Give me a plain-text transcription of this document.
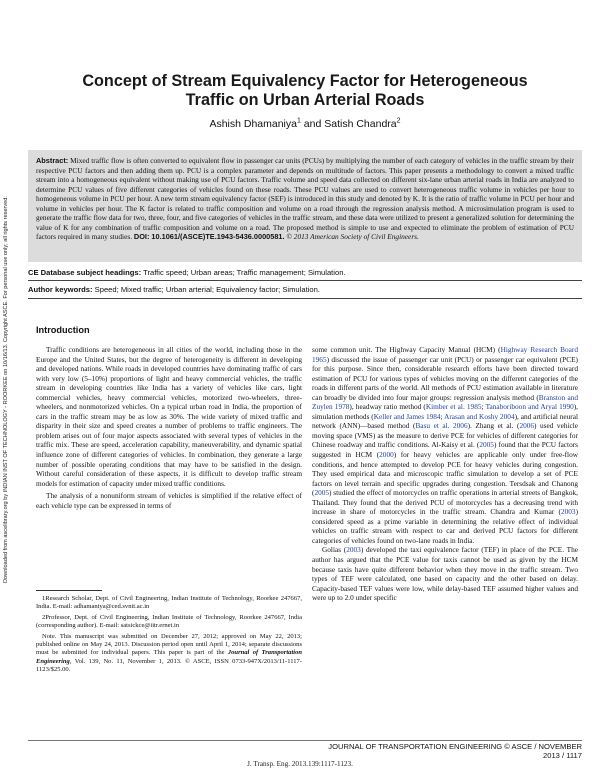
Downloaded from ascelibrary.org by INDIAN INST OF TECHNOLOGY - ROORKEE on 10/16/13. Copyright ASCE. For personal use only; all rights reserved.
Concept of Stream Equivalency Factor for Heterogeneous
Traffic on Urban Arterial Roads
Ashish Dhamaniya$^1$ and Satish Chandra$^2$
Abstract: Mixed traffic flow is often converted to equivalent flow in passenger car units (PCUs) by multiplying the number of each category of vehicles in the traffic stream by their respective PCU factors and then adding them up. PCU is a complex parameter and depends on multitude of factors. This paper presents a methodology to convert a mixed traffic stream into a homogeneous equivalent without making use of PCU factors. Traffic volume and speed data collected on different six-lane urban arterial roads in India are analyzed to determine PCU values of five different categories of vehicles found on these roads. These PCU values are used to convert heterogeneous traffic volume in vehicles per hour to homogeneous volume in PCU per hour. A new term stream equivalency factor (SEF) is introduced in this study and denoted by K. It is the ratio of traffic volume in PCU per hour and volume in vehicles per hour. The K factor is related to traffic composition and volume on a road through the regression analysis method. A microsimulation program is used to generate the traffic flow data for two, three, four, and five categories of vehicles in the traffic stream, and these data were utilized to present a generalized solution for determining the value of K for any combination of traffic composition and volume on a road. The proposed method is simple to use and expected to eliminate the problem of estimation of PCU factors required in many studies. DOI: 10.1061/(ASCE)TE.1943-5436.0000581. © 2013 American Society of Civil Engineers.
CE Database subject headings: Traffic speed; Urban areas; Traffic management; Simulation.
Author keywords: Speed; Mixed traffic; Urban arterial; Equivalency factor; Simulation.
Introduction

Traffic conditions are heterogeneous in all cities of the world, including those in the Europe and the United States, but the degree of heterogeneity is different in developing and developed nations. While roads in developed countries have dominating traffic of cars with very low (5–10%) proportions of light and heavy commercial vehicles, the traffic stream in developing countries like India has a variety of vehicles like cars, light commercial vehicles, heavy commercial vehicles, motorized two-wheelers, three-wheelers, and nonmotorized vehicles. On a typical urban road in India, the proportion of cars in the traffic stream may be as low as 30%. The wide variety of mixed traffic and disparity in their size and speed creates a number of problems to traffic engineers. The problem arises out of four major aspects associated with several types of vehicles in the traffic mix. These are speed, acceleration capability, maneuverability, and dynamic spatial influence zone of different categories of vehicles. In combination, they generate a large number of possible operating conditions that may have to be satisfied in the design. Without careful consideration of these aspects, it is difficult to develop traffic stream models for estimation of capacity under mixed traffic conditions.

The analysis of a nonuniform stream of vehicles is simplified if the relative effect of each vehicle type can be expressed in terms of

1Research Scholar, Dept. of Civil Engineering, Indian Institute of Technology, Roorkee 247667, India. E-mail: adhamaniya@ced.svnit.ac.in

2Professor, Dept. of Civil Engineering, Indian Institute of Technology, Roorkee 247667, India (corresponding author). E-mail: satsickce@iitr.ernet.in

Note. This manuscript was submitted on December 27, 2012; approved on May 22, 2013; published online on May 24, 2013. Discussion period open until April 1, 2014; separate discussions must be submitted for individual papers. This paper is part of the Journal of Transportation Engineering, Vol. 139, No. 11, November 1, 2013. © ASCE, ISSN 0733-947X/2013/11-1117-1123/$25.00.

some common unit. The Highway Capacity Manual (HCM) (Highway Research Board 1965) discussed the issue of passenger car unit (PCU) or passenger car equivalent (PCE) for this purpose. Since then, considerable research efforts have been directed toward estimation of PCU for various types of vehicles moving on the different categories of the roads in different parts of the world. All methods of PCU estimation available in literature can broadly be divided into four major groups: regression analysis method (Branston and Zuylen 1978), headway ratio method (Kimber et al. 1985; Tanaboriboon and Aryal 1990), simulation methods (Keller and James 1984; Arasan and Koshy 2004), and artificial neural network (ANN)—based method (Basu et al. 2006). Zhang et al. (2006) used vehicle moving space (VMS) as the measure to derive PCE for vehicles of different categories for Chinese roadway and traffic conditions. Al-Kaisy et al. (2005) found that the PCU factors suggested in HCM (2000) for heavy vehicles are applicable only under free-flow conditions, and hence attempted to develop PCE for heavy vehicles during congestion. They used empirical data and microscopic traffic simulation to develop a set of PCE factors on level terrain and specific upgrades during congestion. Tersdsak and Chanong (2005) studied the effect of motorcycles on traffic operations in arterial streets of Bangkok, Thailand. They found that the derived PCU of motorcycles has a decreasing trend with increase in share of motorcycles in the traffic stream. Chandra and Kumar (2003) considered speed as a prime variable in determining the relative effect of individual vehicles on traffic stream with respect to car and derived PCU factors for different categories of vehicles found on two-lane roads in India.

Golias (2003) developed the taxi equivalence factor (TEF) in place of the PCE. The author has argued that the PCE value for taxis cannot be used as given by the HCM because taxis have quite different behavior when they move in the traffic stream. Two types of TEF were calculated, one based on capacity and the other based on delay. Capacity-based TEF values were low, while delay-based TEF assumed higher values and were up to 2.0 under specific

JOURNAL OF TRANSPORTATION ENGINEERING © ASCE / NOVEMBER 2013 / 1117
J. Transp. Eng. 2013.139:1117-1123.
